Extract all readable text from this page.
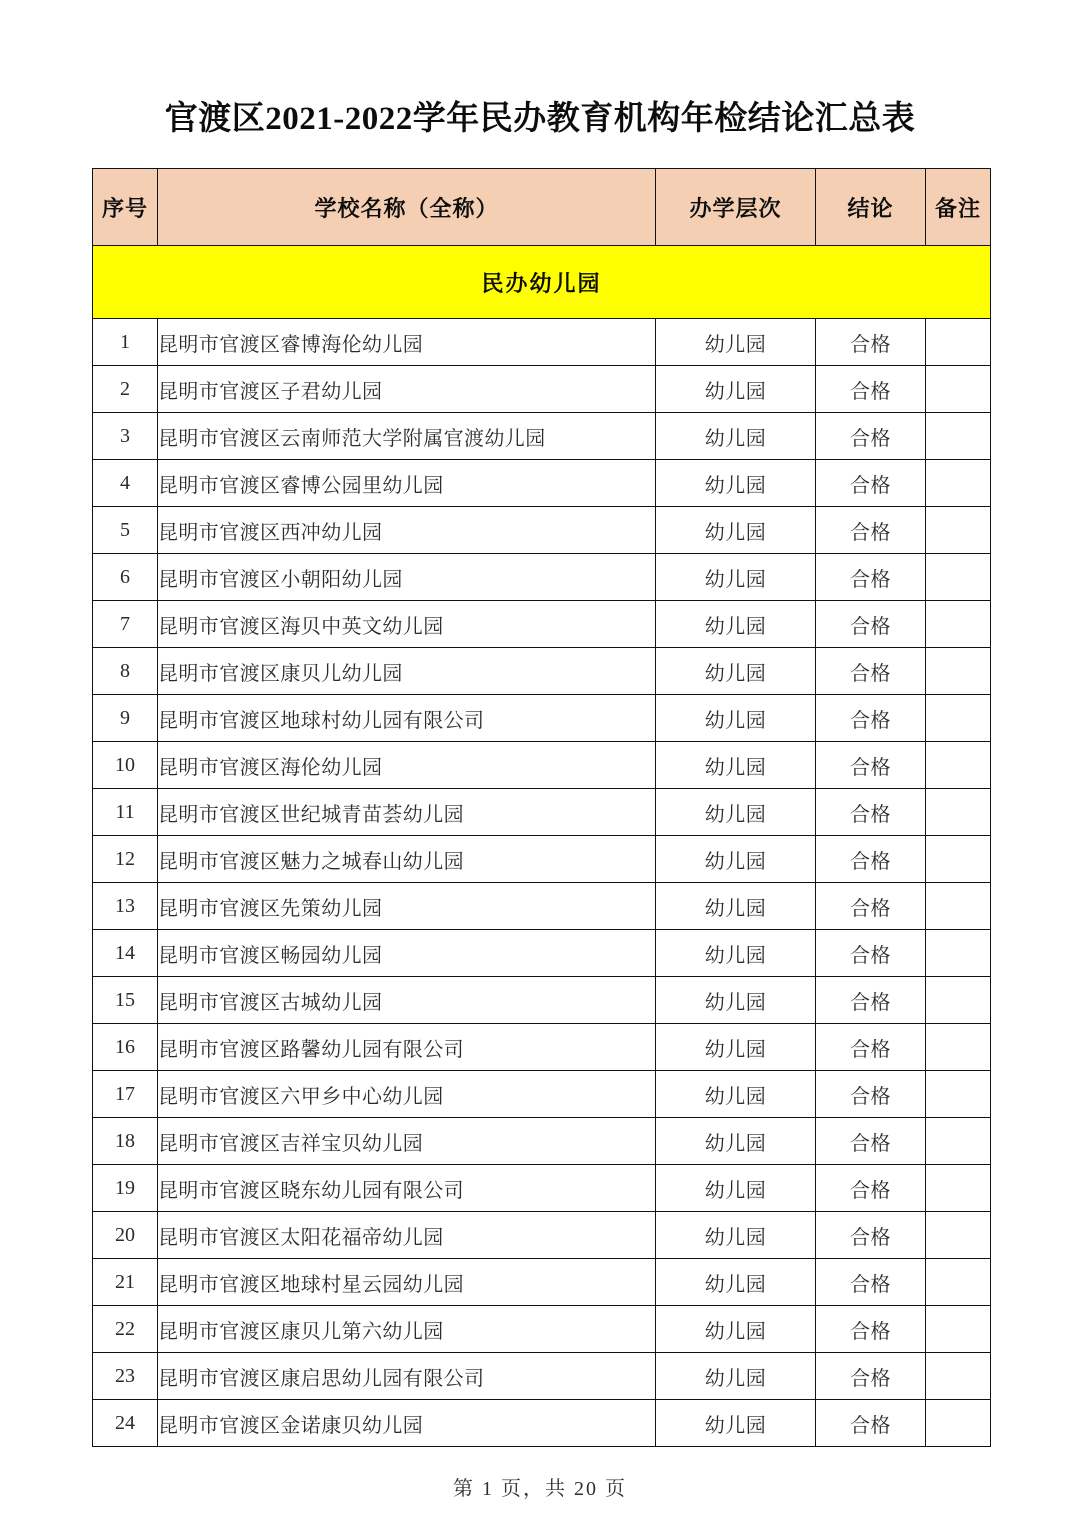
官渡区2021-2022学年民办教育机构年检结论汇总表
序号	学校名称（全称）	办学层次	结论	备注
民办幼儿园				
1	昆明市官渡区睿博海伦幼儿园	幼儿园	合格	
2	昆明市官渡区子君幼儿园	幼儿园	合格	
3	昆明市官渡区云南师范大学附属官渡幼儿园	幼儿园	合格	
4	昆明市官渡区睿博公园里幼儿园	幼儿园	合格	
5	昆明市官渡区西冲幼儿园	幼儿园	合格	
6	昆明市官渡区小朝阳幼儿园	幼儿园	合格	
7	昆明市官渡区海贝中英文幼儿园	幼儿园	合格	
8	昆明市官渡区康贝儿幼儿园	幼儿园	合格	
9	昆明市官渡区地球村幼儿园有限公司	幼儿园	合格	
10	昆明市官渡区海伦幼儿园	幼儿园	合格	
11	昆明市官渡区世纪城青苗荟幼儿园	幼儿园	合格	
12	昆明市官渡区魅力之城春山幼儿园	幼儿园	合格	
13	昆明市官渡区先策幼儿园	幼儿园	合格	
14	昆明市官渡区畅园幼儿园	幼儿园	合格	
15	昆明市官渡区古城幼儿园	幼儿园	合格	
16	昆明市官渡区路馨幼儿园有限公司	幼儿园	合格	
17	昆明市官渡区六甲乡中心幼儿园	幼儿园	合格	
18	昆明市官渡区吉祥宝贝幼儿园	幼儿园	合格	
19	昆明市官渡区晓东幼儿园有限公司	幼儿园	合格	
20	昆明市官渡区太阳花福帝幼儿园	幼儿园	合格	
21	昆明市官渡区地球村星云园幼儿园	幼儿园	合格	
22	昆明市官渡区康贝儿第六幼儿园	幼儿园	合格	
23	昆明市官渡区康启思幼儿园有限公司	幼儿园	合格	
24	昆明市官渡区金诺康贝幼儿园	幼儿园	合格	
第 1 页，共 20 页
